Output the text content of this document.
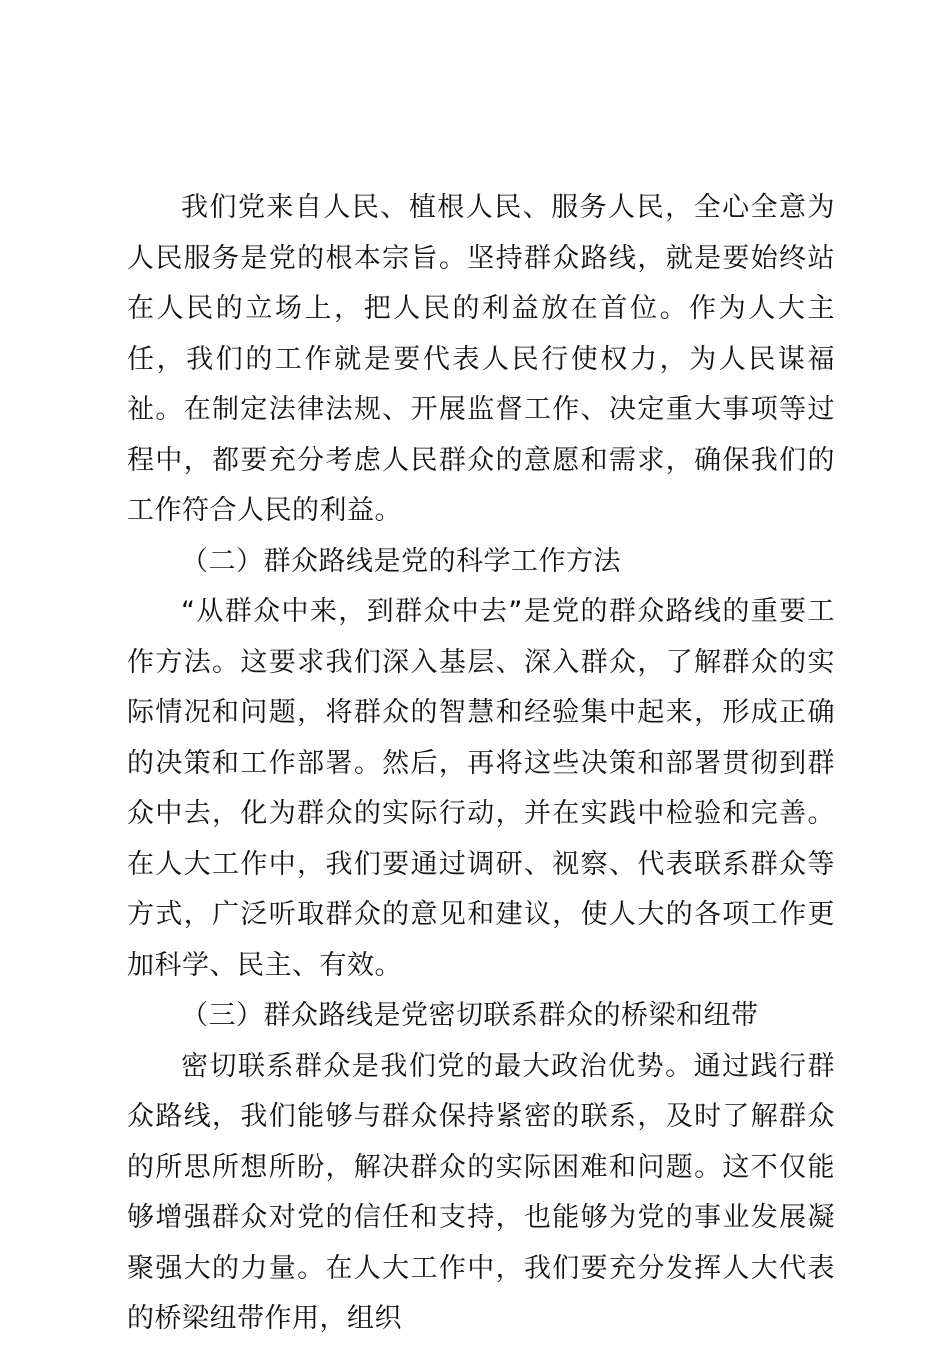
我们党来自人民、植根人民、服务人民，全心全意为人民服务是党的根本宗旨。坚持群众路线，就是要始终站在人民的立场上，把人民的利益放在首位。作为人大主任，我们的工作就是要代表人民行使权力，为人民谋福祉。在制定法律法规、开展监督工作、决定重大事项等过程中，都要充分考虑人民群众的意愿和需求，确保我们的工作符合人民的利益。

（二）群众路线是党的科学工作方法

“从群众中来，到群众中去”是党的群众路线的重要工作方法。这要求我们深入基层、深入群众，了解群众的实际情况和问题，将群众的智慧和经验集中起来，形成正确的决策和工作部署。然后，再将这些决策和部署贯彻到群众中去，化为群众的实际行动，并在实践中检验和完善。在人大工作中，我们要通过调研、视察、代表联系群众等方式，广泛听取群众的意见和建议，使人大的各项工作更加科学、民主、有效。

（三）群众路线是党密切联系群众的桥梁和纽带

密切联系群众是我们党的最大政治优势。通过践行群众路线，我们能够与群众保持紧密的联系，及时了解群众的所思所想所盼，解决群众的实际困难和问题。这不仅能够增强群众对党的信任和支持，也能够为党的事业发展凝聚强大的力量。在人大工作中，我们要充分发挥人大代表的桥梁纽带作用，组织
